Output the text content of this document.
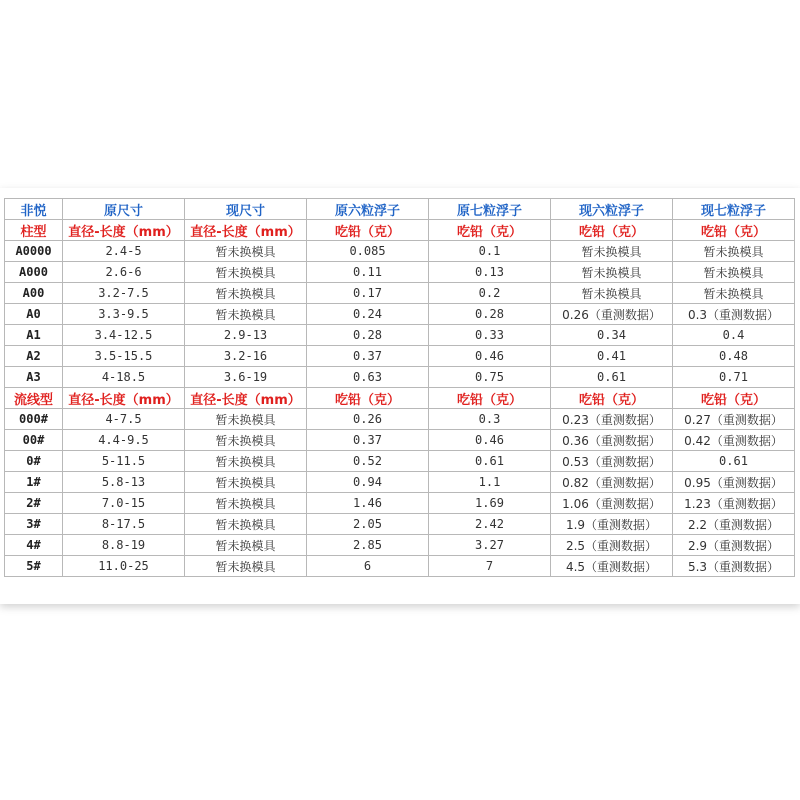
非悦	原尺寸	现尺寸	原六粒浮子	原七粒浮子	现六粒浮子	现七粒浮子
柱型	直径-长度（mm）	直径-长度（mm）	吃铅（克）	吃铅（克）	吃铅（克）	吃铅（克）
A0000	2.4-5	暂未换模具	0.085	0.1	暂未换模具	暂未换模具
A000	2.6-6	暂未换模具	0.11	0.13	暂未换模具	暂未换模具
A00	3.2-7.5	暂未换模具	0.17	0.2	暂未换模具	暂未换模具
A0	3.3-9.5	暂未换模具	0.24	0.28	0.26（重测数据）	0.3（重测数据）
A1	3.4-12.5	2.9-13	0.28	0.33	0.34	0.4
A2	3.5-15.5	3.2-16	0.37	0.46	0.41	0.48
A3	4-18.5	3.6-19	0.63	0.75	0.61	0.71
流线型	直径-长度（mm）	直径-长度（mm）	吃铅（克）	吃铅（克）	吃铅（克）	吃铅（克）
000#	4-7.5	暂未换模具	0.26	0.3	0.23（重测数据）	0.27（重测数据）
00#	4.4-9.5	暂未换模具	0.37	0.46	0.36（重测数据）	0.42（重测数据）
0#	5-11.5	暂未换模具	0.52	0.61	0.53（重测数据）	0.61
1#	5.8-13	暂未换模具	0.94	1.1	0.82（重测数据）	0.95（重测数据）
2#	7.0-15	暂未换模具	1.46	1.69	1.06（重测数据）	1.23（重测数据）
3#	8-17.5	暂未换模具	2.05	2.42	1.9（重测数据）	2.2（重测数据）
4#	8.8-19	暂未换模具	2.85	3.27	2.5（重测数据）	2.9（重测数据）
5#	11.0-25	暂未换模具	6	7	4.5（重测数据）	5.3（重测数据）
